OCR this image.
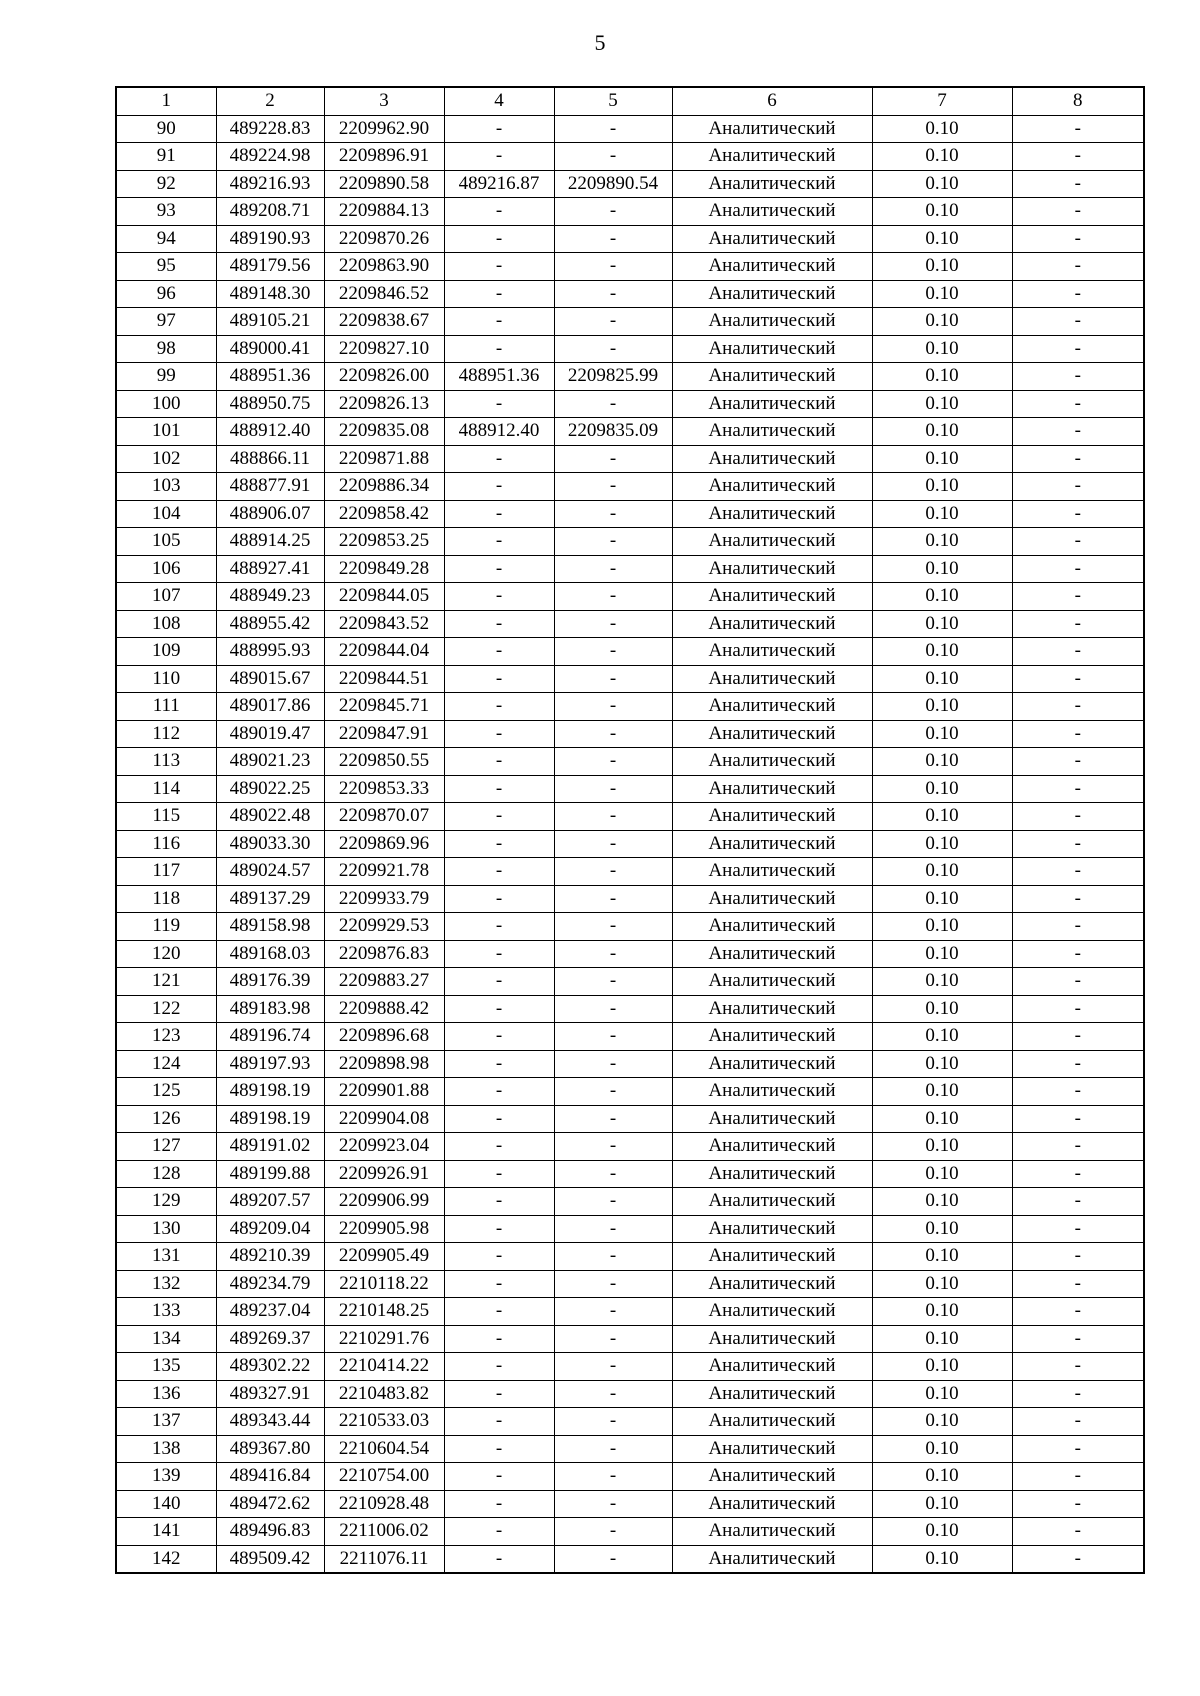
5
1	2	3	4	5	6	7	8
90	489228.83	2209962.90	-	-	Аналитический	0.10	-
91	489224.98	2209896.91	-	-	Аналитический	0.10	-
92	489216.93	2209890.58	489216.87	2209890.54	Аналитический	0.10	-
93	489208.71	2209884.13	-	-	Аналитический	0.10	-
94	489190.93	2209870.26	-	-	Аналитический	0.10	-
95	489179.56	2209863.90	-	-	Аналитический	0.10	-
96	489148.30	2209846.52	-	-	Аналитический	0.10	-
97	489105.21	2209838.67	-	-	Аналитический	0.10	-
98	489000.41	2209827.10	-	-	Аналитический	0.10	-
99	488951.36	2209826.00	488951.36	2209825.99	Аналитический	0.10	-
100	488950.75	2209826.13	-	-	Аналитический	0.10	-
101	488912.40	2209835.08	488912.40	2209835.09	Аналитический	0.10	-
102	488866.11	2209871.88	-	-	Аналитический	0.10	-
103	488877.91	2209886.34	-	-	Аналитический	0.10	-
104	488906.07	2209858.42	-	-	Аналитический	0.10	-
105	488914.25	2209853.25	-	-	Аналитический	0.10	-
106	488927.41	2209849.28	-	-	Аналитический	0.10	-
107	488949.23	2209844.05	-	-	Аналитический	0.10	-
108	488955.42	2209843.52	-	-	Аналитический	0.10	-
109	488995.93	2209844.04	-	-	Аналитический	0.10	-
110	489015.67	2209844.51	-	-	Аналитический	0.10	-
111	489017.86	2209845.71	-	-	Аналитический	0.10	-
112	489019.47	2209847.91	-	-	Аналитический	0.10	-
113	489021.23	2209850.55	-	-	Аналитический	0.10	-
114	489022.25	2209853.33	-	-	Аналитический	0.10	-
115	489022.48	2209870.07	-	-	Аналитический	0.10	-
116	489033.30	2209869.96	-	-	Аналитический	0.10	-
117	489024.57	2209921.78	-	-	Аналитический	0.10	-
118	489137.29	2209933.79	-	-	Аналитический	0.10	-
119	489158.98	2209929.53	-	-	Аналитический	0.10	-
120	489168.03	2209876.83	-	-	Аналитический	0.10	-
121	489176.39	2209883.27	-	-	Аналитический	0.10	-
122	489183.98	2209888.42	-	-	Аналитический	0.10	-
123	489196.74	2209896.68	-	-	Аналитический	0.10	-
124	489197.93	2209898.98	-	-	Аналитический	0.10	-
125	489198.19	2209901.88	-	-	Аналитический	0.10	-
126	489198.19	2209904.08	-	-	Аналитический	0.10	-
127	489191.02	2209923.04	-	-	Аналитический	0.10	-
128	489199.88	2209926.91	-	-	Аналитический	0.10	-
129	489207.57	2209906.99	-	-	Аналитический	0.10	-
130	489209.04	2209905.98	-	-	Аналитический	0.10	-
131	489210.39	2209905.49	-	-	Аналитический	0.10	-
132	489234.79	2210118.22	-	-	Аналитический	0.10	-
133	489237.04	2210148.25	-	-	Аналитический	0.10	-
134	489269.37	2210291.76	-	-	Аналитический	0.10	-
135	489302.22	2210414.22	-	-	Аналитический	0.10	-
136	489327.91	2210483.82	-	-	Аналитический	0.10	-
137	489343.44	2210533.03	-	-	Аналитический	0.10	-
138	489367.80	2210604.54	-	-	Аналитический	0.10	-
139	489416.84	2210754.00	-	-	Аналитический	0.10	-
140	489472.62	2210928.48	-	-	Аналитический	0.10	-
141	489496.83	2211006.02	-	-	Аналитический	0.10	-
142	489509.42	2211076.11	-	-	Аналитический	0.10	-
